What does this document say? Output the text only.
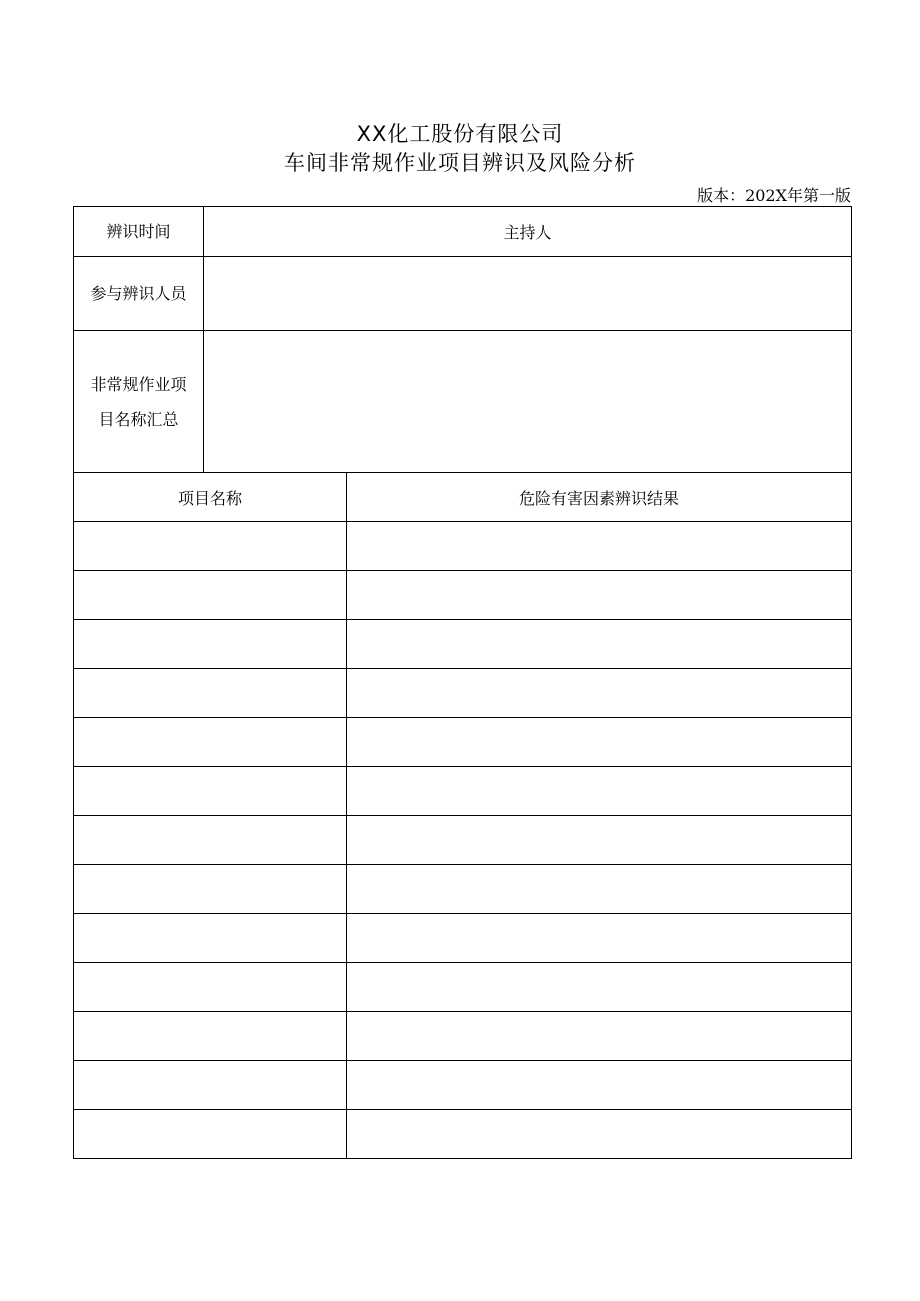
XX化工股份有限公司
车间非常规作业项目辨识及风险分析
版本：202X年第一版
辨识时间	主持人
参与辨识人员	

非常规作业项
目名称汇总	

项目名称	危险有害因素辨识结果
